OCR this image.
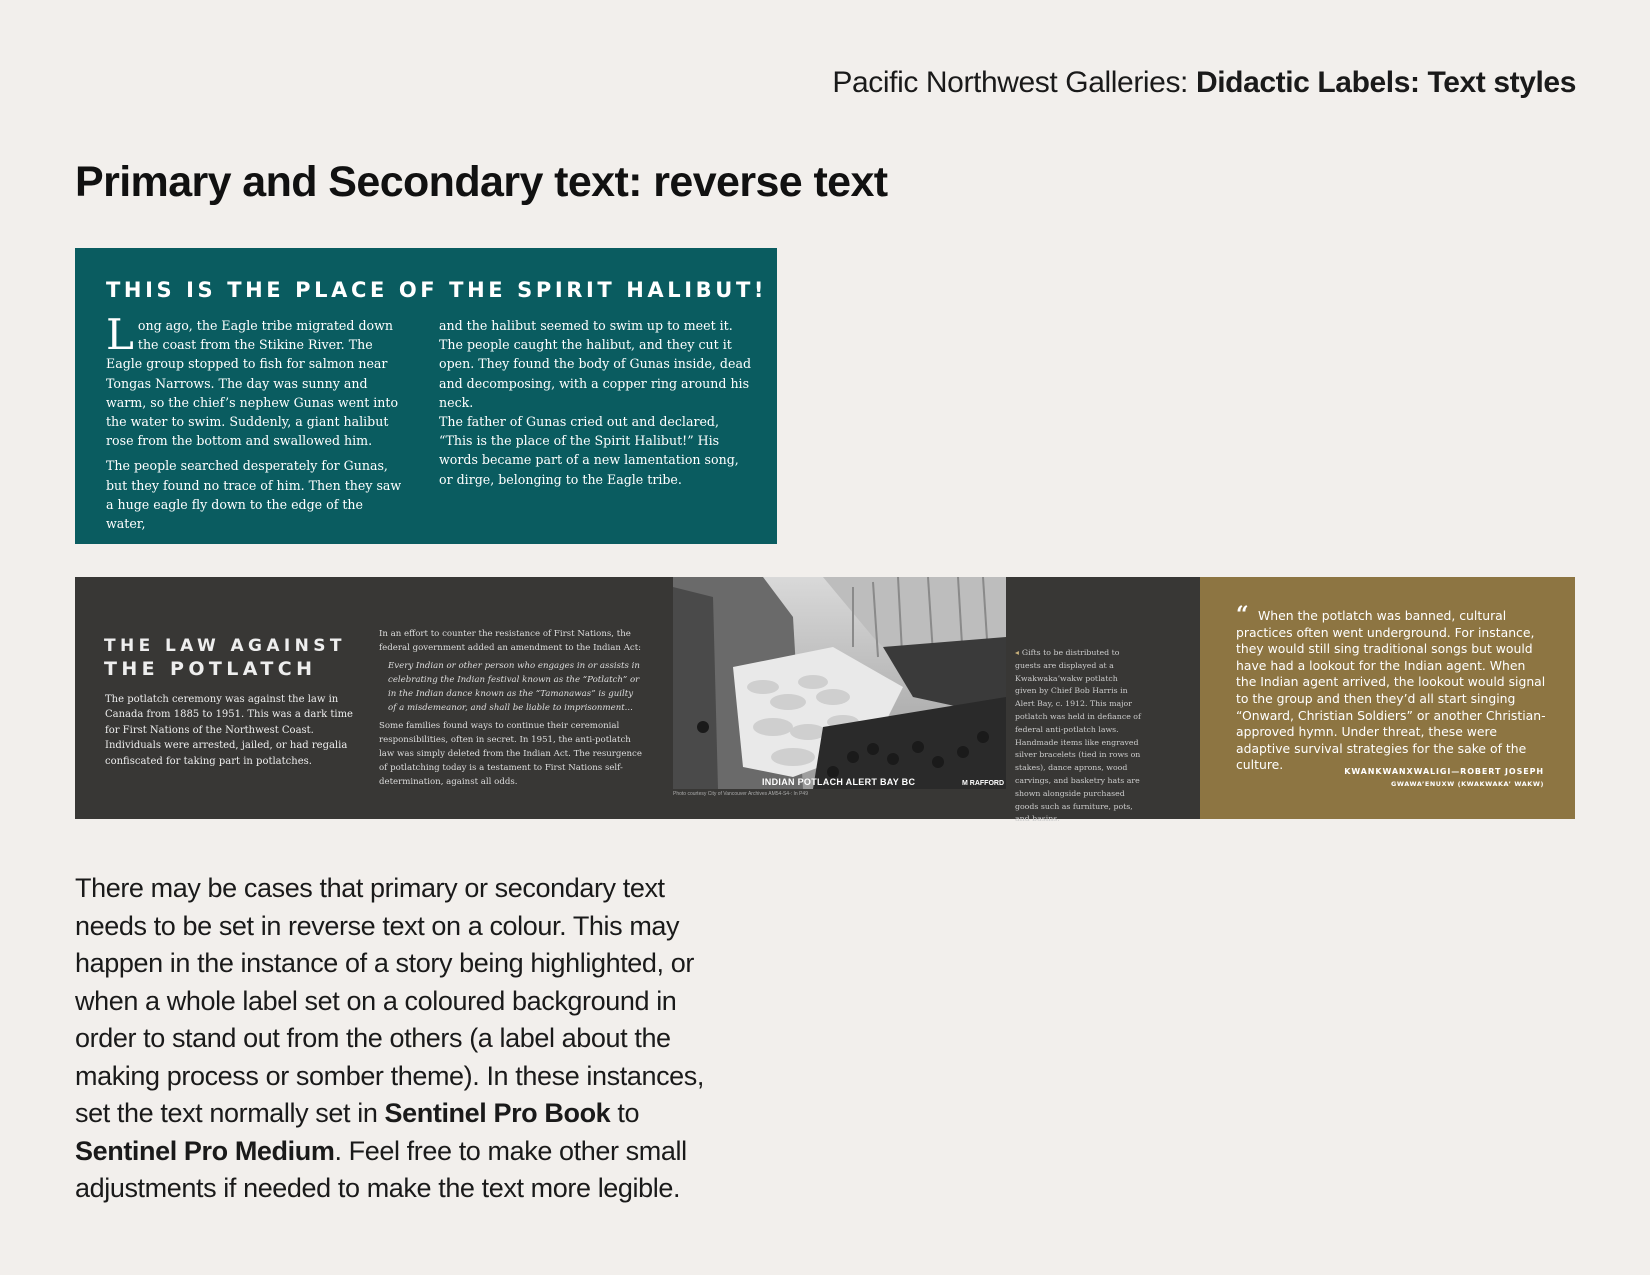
Pacific Northwest Galleries: Didactic Labels: Text styles
Primary and Secondary text: reverse text
THIS IS THE PLACE OF THE SPIRIT HALIBUT!

Long ago, the Eagle tribe migrated down the coast from the Stikine River. The Eagle group stopped to fish for salmon near Tongas Narrows. The day was sunny and warm, so the chief’s nephew Gunas went into the water to swim. Suddenly, a giant halibut rose from the bottom and swallowed him.

The people searched desperately for Gunas, but they found no trace of him. Then they saw a huge eagle fly down to the edge of the water,

and the halibut seemed to swim up to meet it. The people caught the halibut, and they cut it open. They found the body of Gunas inside, dead and decomposing, with a copper ring around his neck.

The father of Gunas cried out and declared, “This is the place of the Spirit Halibut!” His words became part of a new lamentation song, or dirge, belonging to the Eagle tribe.

THE LAW AGAINST
THE POTLATCH

The potlatch ceremony was against the law in Canada from 1885 to 1951. This was a dark time for First Nations of the Northwest Coast. Individuals were arrested, jailed, or had regalia confiscated for taking part in potlatches.

In an effort to counter the resistance of First Nations, the federal government added an amendment to the Indian Act:

Every Indian or other person who engages in or assists in celebrating the Indian festival known as the “Potlatch” or in the Indian dance known as the “Tamanawas” is guilty of a misdemeanor, and shall be liable to imprisonment...

Some families found ways to continue their ceremonial responsibilities, often in secret. In 1951, the anti-potlatch law was simply deleted from the Indian Act. The resurgence of potlatching today is a testament to First Nations self-determination, against all odds.	INDIAN POTLACH ALERT BAY BC	M RAFFORD
Photo courtesy City of Vancouver Archives AM54-S4-: In P49

◂ Gifts to be distributed to guests are displayed at a Kwakwaka’wakw potlatch given by Chief Bob Harris in Alert Bay, c. 1912. This major potlatch was held in defiance of federal anti-potlatch laws. Handmade items like engraved silver bracelets (tied in rows on stakes), dance aprons, wood carvings, and basketry hats are shown alongside purchased goods such as furniture, pots, and basins.

“ When the potlatch was banned, cultural practices often went underground. For instance, they would still sing traditional songs but would have had a lookout for the Indian agent. When the Indian agent arrived, the lookout would signal to the group and then they’d all start singing “Onward, Christian Soldiers” or another Christian-approved hymn. Under threat, these were adaptive survival strategies for the sake of the culture.	KWANKWANXWALIGI—ROBERT JOSEPH
GWAWA’ENUXW (KWAKWAKA’ WAKW)

There may be cases that primary or secondary text needs to be set in reverse text on a colour. This may happen in the instance of a story being highlighted, or when a whole label set on a coloured background in order to stand out from the others (a label about the making process or somber theme). In these instances, set the text normally set in Sentinel Pro Book to Sentinel Pro Medium. Feel free to make other small adjustments if needed to make the text more legible.
